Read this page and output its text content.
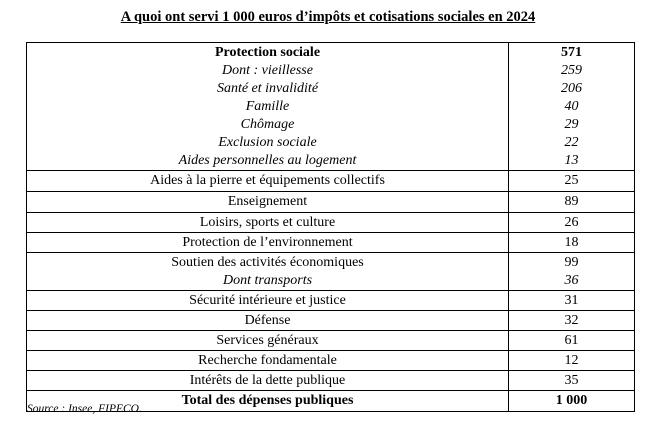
A quoi ont servi 1 000 euros d’impôts et cotisations sociales en 2024
Protection sociale	571
Dont : vieillesse	259
Santé et invalidité	206
Famille	40
Chômage	29
Exclusion sociale	22
Aides personnelles au logement	13
Aides à la pierre et équipements collectifs	25
Enseignement	89
Loisirs, sports et culture	26
Protection de l’environnement	18
Soutien des activités économiques	99
Dont transports	36
Sécurité intérieure et justice	31
Défense	32
Services généraux	61
Recherche fondamentale	12
Intérêts de la dette publique	35
Total des dépenses publiques	1 000
Source : Insee, FIPECO.
